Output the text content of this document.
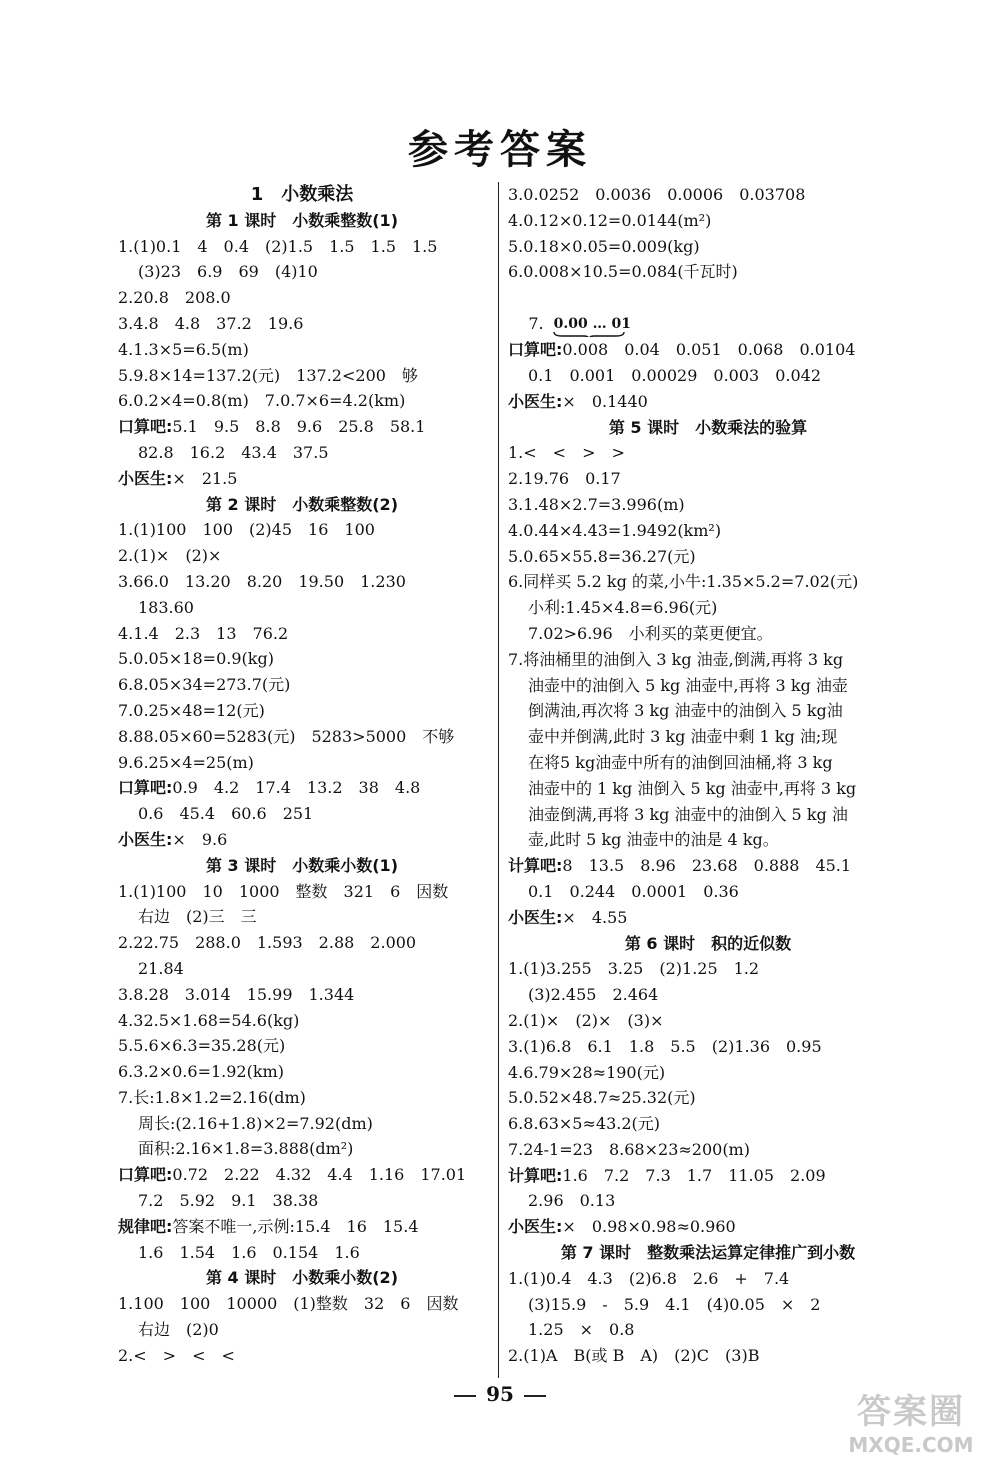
参考答案
1　小数乘法
第 1 课时　小数乘整数(1)
1.(1)0.1　4　0.4　(2)1.5　1.5　1.5　1.5
(3)23　6.9　69　(4)10
2.20.8　208.0
3.4.8　4.8　37.2　19.6
4.1.3×5=6.5(m)
5.9.8×14=137.2(元)　137.2<200　够
6.0.2×4=0.8(m)　7.0.7×6=4.2(km)
口算吧:5.1　9.5　8.8　9.6　25.8　58.1
82.8　16.2　43.4　37.5
小医生:×　21.5
第 2 课时　小数乘整数(2)
1.(1)100　100　(2)45　16　100
2.(1)×　(2)×
3.66.0　13.20　8.20　19.50　1.230
183.60
4.1.4　2.3　13　76.2
5.0.05×18=0.9(kg)
6.8.05×34=273.7(元)
7.0.25×48=12(元)
8.88.05×60=5283(元)　5283>5000　不够
9.6.25×4=25(m)
口算吧:0.9　4.2　17.4　13.2　38　4.8
0.6　45.4　60.6　251
小医生:×　9.6
第 3 课时　小数乘小数(1)
1.(1)100　10　1000　整数　321　6　因数
右边　(2)三　三
2.22.75　288.0　1.593　2.88　2.000
21.84
3.8.28　3.014　15.99　1.344
4.32.5×1.68=54.6(kg)
5.5.6×6.3=35.28(元)
6.3.2×0.6=1.92(km)
7.长:1.8×1.2=2.16(dm)
周长:(2.16+1.8)×2=7.92(dm)
面积:2.16×1.8=3.888(dm²)
口算吧:0.72　2.22　4.32　4.4　1.16　17.01
7.2　5.92　9.1　38.38
规律吧:答案不唯一,示例:15.4　16　15.4
1.6　1.54　1.6　0.154　1.6
第 4 课时　小数乘小数(2)
1.100　100　10000　(1)整数　32　6　因数
右边　(2)0
2.<　>　<　<
3.0.0252　0.0036　0.0006　0.03708
4.0.12×0.12=0.0144(m²)
5.0.18×0.05=0.009(kg)
6.0.008×10.5=0.084(千瓦时)

7.
0.00 … 01

口算吧:0.008　0.04　0.051　0.068　0.0104
0.1　0.001　0.00029　0.003　0.042
小医生:×　0.1440
第 5 课时　小数乘法的验算
1.<　<　>　>
2.19.76　0.17
3.1.48×2.7=3.996(m)
4.0.44×4.43=1.9492(km²)
5.0.65×55.8=36.27(元)
6.同样买 5.2 kg 的菜,小牛:1.35×5.2=7.02(元)
小利:1.45×4.8=6.96(元)
7.02>6.96　小利买的菜更便宜。
7.将油桶里的油倒入 3 kg 油壶,倒满,再将 3 kg
油壶中的油倒入 5 kg 油壶中,再将 3 kg 油壶
倒满油,再次将 3 kg 油壶中的油倒入 5 kg油
壶中并倒满,此时 3 kg 油壶中剩 1 kg 油;现
在将5 kg油壶中所有的油倒回油桶,将 3 kg
油壶中的 1 kg 油倒入 5 kg 油壶中,再将 3 kg
油壶倒满,再将 3 kg 油壶中的油倒入 5 kg 油
壶,此时 5 kg 油壶中的油是 4 kg。
计算吧:8　13.5　8.96　23.68　0.888　45.1
0.1　0.244　0.0001　0.36
小医生:×　4.55
第 6 课时　积的近似数
1.(1)3.255　3.25　(2)1.25　1.2
(3)2.455　2.464
2.(1)×　(2)×　(3)×
3.(1)6.8　6.1　1.8　5.5　(2)1.36　0.95
4.6.79×28≈190(元)
5.0.52×48.7≈25.32(元)
6.8.63×5≈43.2(元)
7.24-1=23　8.68×23≈200(m)
计算吧:1.6　7.2　7.3　1.7　11.05　2.09
2.96　0.13
小医生:×　0.98×0.98≈0.960
第 7 课时　整数乘法运算定律推广到小数
1.(1)0.4　4.3　(2)6.8　2.6　+　7.4
(3)15.9　-　5.9　4.1　(4)0.05　×　2
1.25　×　0.8
2.(1)A　B(或 B　A)　(2)C　(3)B
95	答案圈
MXQE.COM
